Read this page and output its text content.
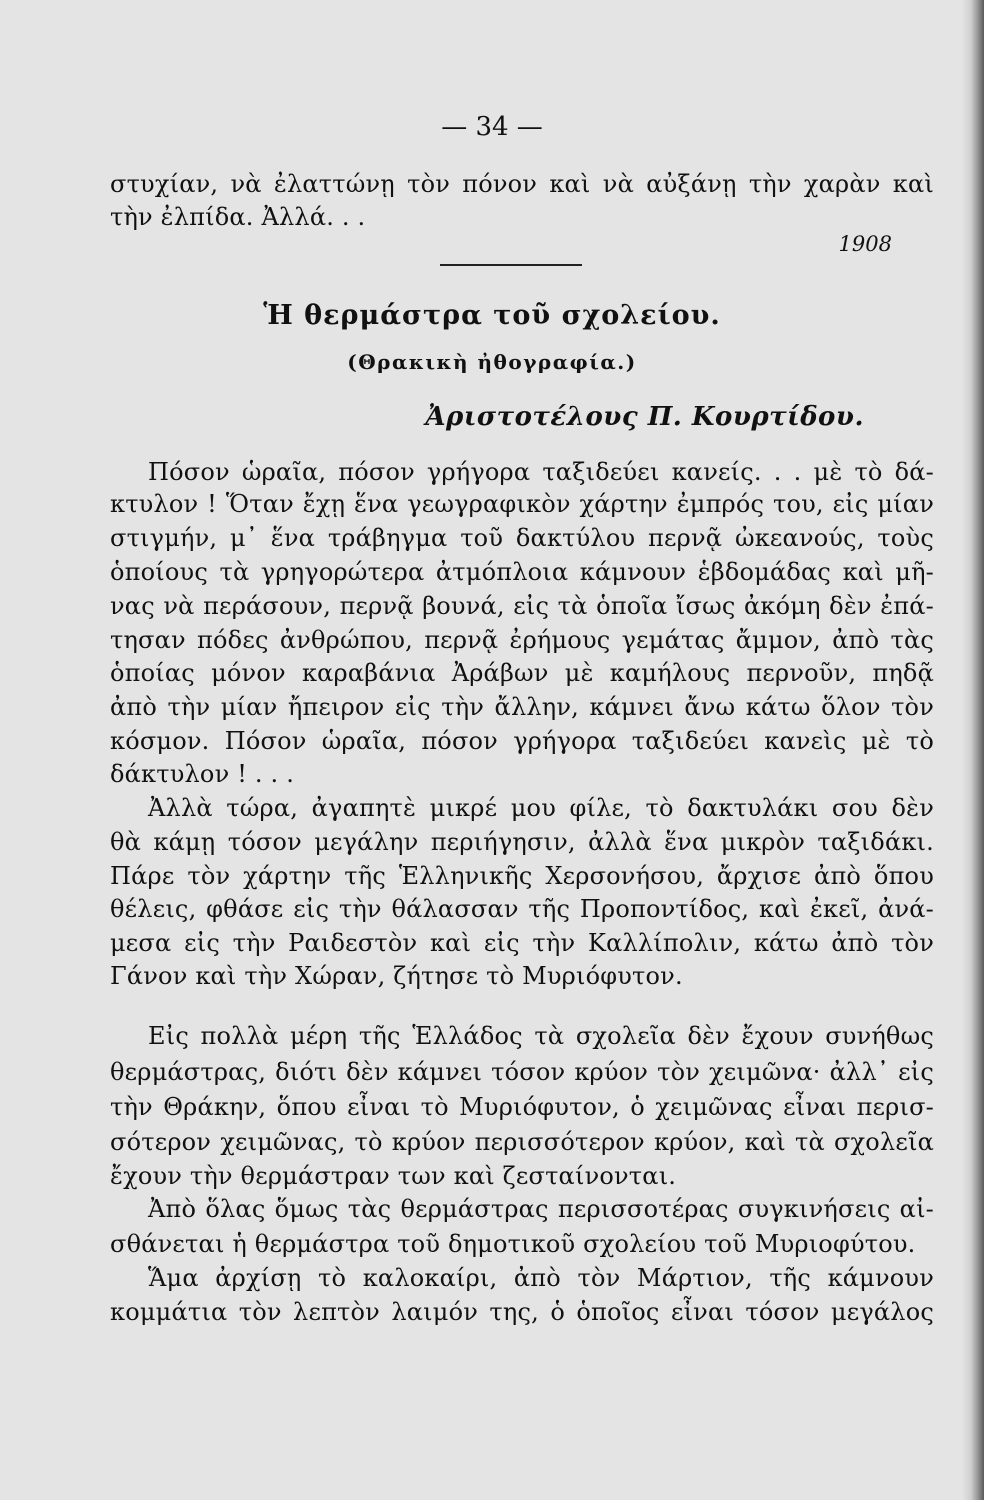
— 34 —
στυχίαν, νὰ ἐλαττώνῃ τὸν πόνον καὶ νὰ αὐξάνῃ τὴν χαρὰν καὶ
τὴν ἐλπίδα. Ἀλλά. . .
1908
Ἡ θερμάστρα τοῦ σχολείου.
(Θρακικὴ ἠθογραφία.)
Ἀριστοτέλους Π. Κουρτίδου.
Πόσον ὡραῖα, πόσον γρήγορα ταξιδεύει κανείς. . . μὲ τὸ δά-
κτυλον ! Ὅταν ἔχῃ ἕνα γεωγραφικὸν χάρτην ἐμπρός του, εἰς μίαν
στιγμήν, μ᾽ ἕνα τράβηγμα τοῦ δακτύλου περνᾷ ὠκεανούς, τοὺς
ὁποίους τὰ γρηγορώτερα ἀτμόπλοια κάμνουν ἑβδομάδας καὶ μῆ-
νας νὰ περάσουν, περνᾷ βουνά, εἰς τὰ ὁποῖα ἴσως ἀκόμη δὲν ἐπά-
τησαν πόδες ἀνθρώπου, περνᾷ ἐρήμους γεμάτας ἄμμον, ἀπὸ τὰς
ὁποίας μόνον καραβάνια Ἀράβων μὲ καμήλους περνοῦν, πηδᾷ
ἀπὸ τὴν μίαν ἤπειρον εἰς τὴν ἄλλην, κάμνει ἄνω κάτω ὅλον τὸν
κόσμον. Πόσον ὡραῖα, πόσον γρήγορα ταξιδεύει κανεὶς μὲ τὸ
δάκτυλον ! . . .
Ἀλλὰ τώρα, ἀγαπητὲ μικρέ μου φίλε, τὸ δακτυλάκι σου δὲν
θὰ κάμῃ τόσον μεγάλην περιήγησιν, ἀλλὰ ἕνα μικρὸν ταξιδάκι.
Πάρε τὸν χάρτην τῆς Ἑλληνικῆς Χερσονήσου, ἄρχισε ἀπὸ ὅπου
θέλεις, φθάσε εἰς τὴν θάλασσαν τῆς Προποντίδος, καὶ ἐκεῖ, ἀνά-
μεσα εἰς τὴν Ραιδεστὸν καὶ εἰς τὴν Καλλίπολιν, κάτω ἀπὸ τὸν
Γάνον καὶ τὴν Χώραν, ζήτησε τὸ Μυριόφυτον.
Εἰς πολλὰ μέρη τῆς Ἑλλάδος τὰ σχολεῖα δὲν ἔχουν συνήθως
θερμάστρας, διότι δὲν κάμνει τόσον κρύον τὸν χειμῶνα· ἀλλ᾽ εἰς
τὴν Θράκην, ὅπου εἶναι τὸ Μυριόφυτον, ὁ χειμῶνας εἶναι περισ-
σότερον χειμῶνας, τὸ κρύον περισσότερον κρύον, καὶ τὰ σχολεῖα
ἔχουν τὴν θερμάστραν των καὶ ζεσταίνονται.
Ἀπὸ ὅλας ὅμως τὰς θερμάστρας περισσοτέρας συγκινήσεις αἰ-
σθάνεται ἡ θερμάστρα τοῦ δημοτικοῦ σχολείου τοῦ Μυριοφύτου.
Ἅμα ἀρχίσῃ τὸ καλοκαίρι, ἀπὸ τὸν Μάρτιον, τῆς κάμνουν
κομμάτια τὸν λεπτὸν λαιμόν της, ὁ ὁποῖος εἶναι τόσον μεγάλος
